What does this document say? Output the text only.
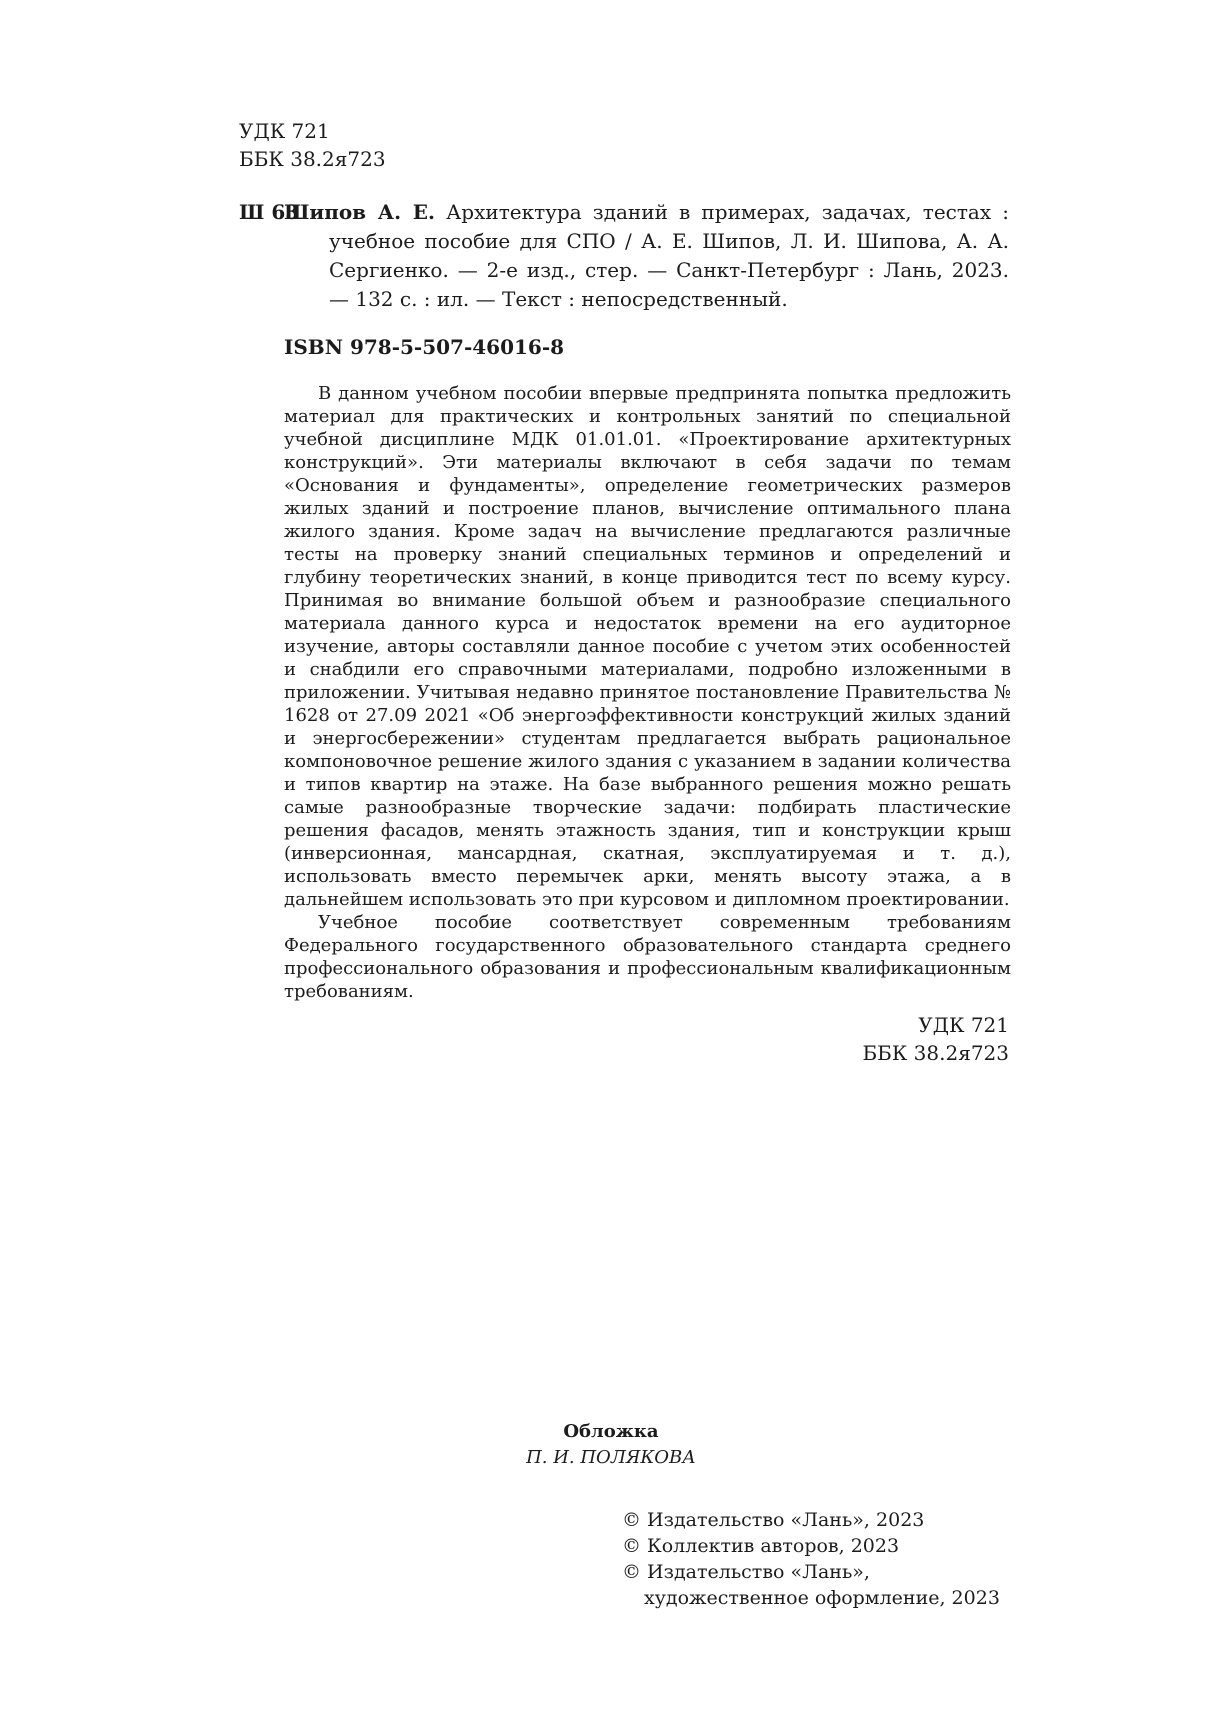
УДК 721
ББК 38.2я723
Ш 63
Шипов А. Е. Архитектура зданий в примерах, задачах, тестах : учебное пособие для СПО / А. Е. Шипов, Л. И. Шипова, А. А. Сергиенко. — 2-е изд., стер. — Санкт-Петербург : Лань, 2023. — 132 с. : ил. — Текст : непосредственный.
ISBN 978-5-507-46016-8

В данном учебном пособии впервые предпринята попытка предложить материал для практических и контрольных занятий по специальной учебной дисциплине МДК 01.01.01. «Проектирование архитектурных конструкций». Эти материалы включают в себя задачи по темам «Основания и фундаменты», определение геометрических размеров жилых зданий и построение планов, вычисление оптимального плана жилого здания. Кроме задач на вычисление предлагаются различные тесты на проверку знаний специальных терминов и определений и глубину теоретических знаний, в конце приводится тест по всему курсу. Принимая во внимание большой объем и разнообразие специального материала данного курса и недостаток времени на его аудиторное изучение, авторы составляли данное пособие с учетом этих особенностей и снабдили его справочными материалами, подробно изложенными в приложении. Учитывая недавно принятое постановление Правительства № 1628 от 27.09 2021 «Об энергоэффективности конструкций жилых зданий и энергосбережении» студентам предлагается выбрать рациональное компоновочное решение жилого здания с указанием в задании количества и типов квартир на этаже. На базе выбранного решения можно решать самые разнообразные творческие задачи: подбирать пластические решения фасадов, менять этажность здания, тип и конструкции крыш (инверсионная, мансардная, скатная, эксплуатируемая и т. д.), использовать вместо перемычек арки, менять высоту этажа, а в дальнейшем использовать это при курсовом и дипломном проектировании.

Учебное пособие соответствует современным требованиям Федерального государственного образовательного стандарта среднего профессионального образования и профессиональным квалификационным требованиям.

УДК 721
ББК 38.2я723
Обложка
П. И. ПОЛЯКОВА
© Издательство «Лань», 2023
© Коллектив авторов, 2023
© Издательство «Лань»,
художественное оформление, 2023
